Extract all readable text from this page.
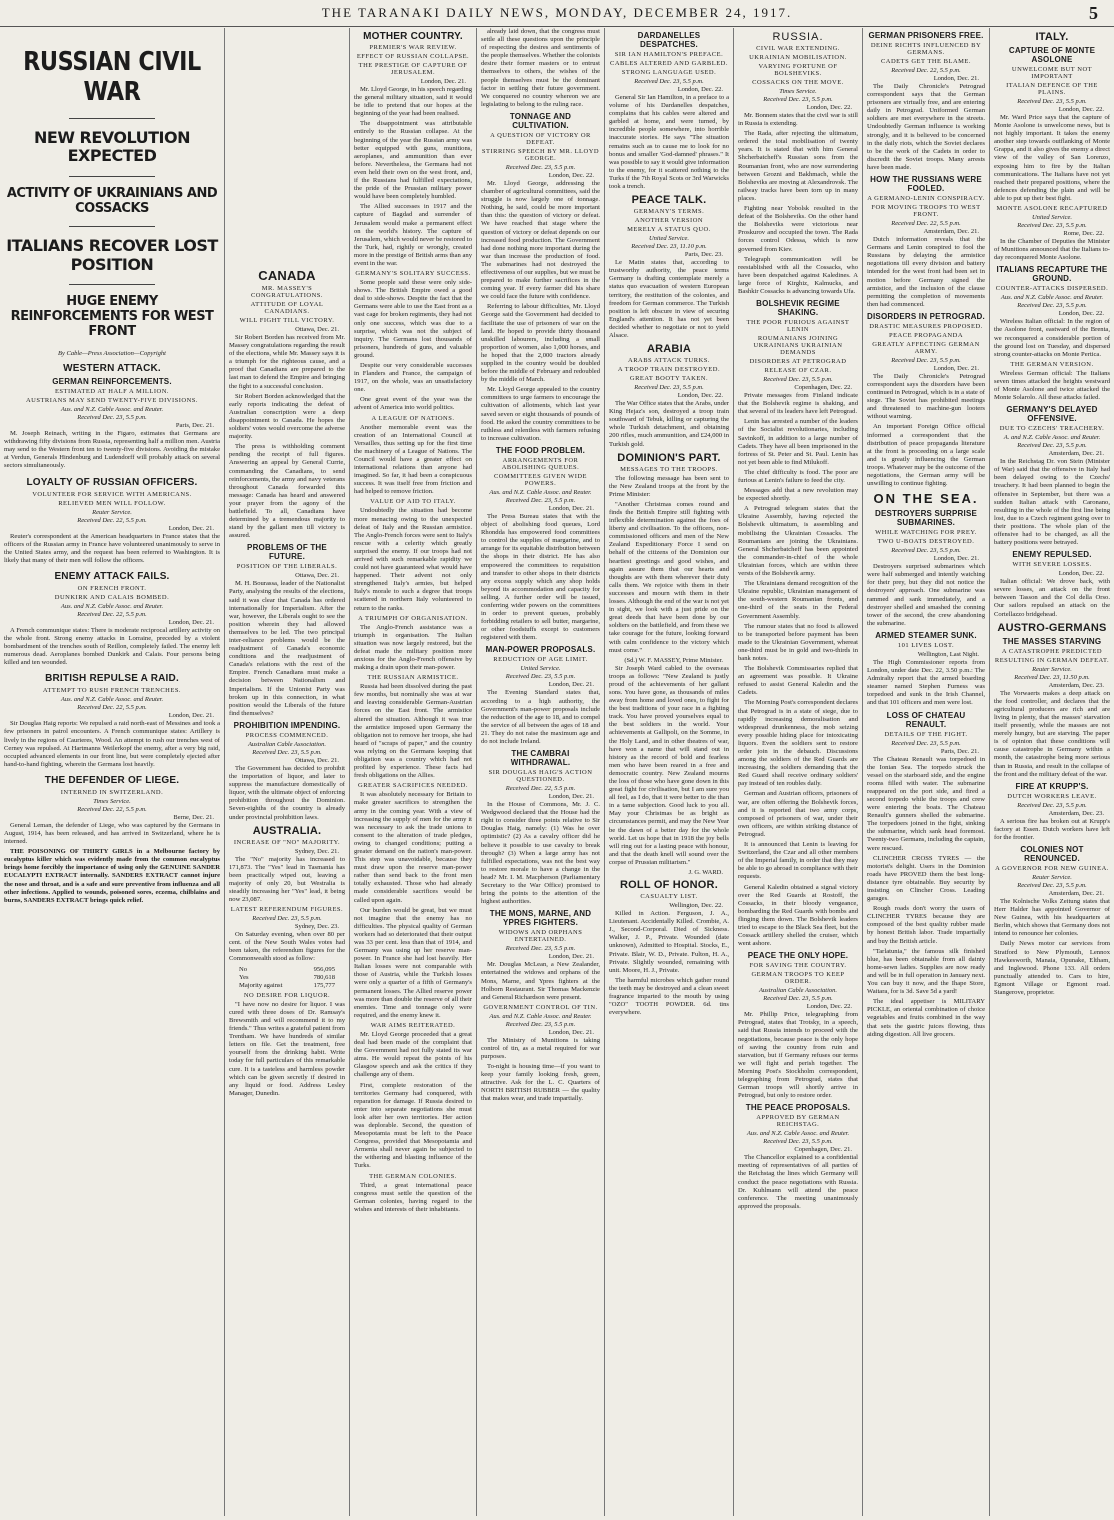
THE TARANAKI DAILY NEWS, MONDAY, DECEMBER 24, 1917.	5
RUSSIAN CIVIL WAR
NEW REVOLUTION EXPECTED
ACTIVITY OF UKRAINIANS AND COSSACKS
ITALIANS RECOVER LOST POSITION
HUGE ENEMY REINFORCEMENTS FOR WEST FRONT
By Cable—Press Association—Copyright
WESTERN ATTACK.
GERMAN REINFORCEMENTS.
ESTIMATED AT HALF A MILLION.
AUSTRIANS MAY SEND TWENTY-FIVE DIVISIONS.
Aus. and N.Z. Cable Assoc. and Reuter.
Received Dec. 23, 5.5 p.m.
Paris, Dec. 21.

M. Joseph Reinach, writing in the Figaro, estimates that Germans are withdrawing fifty divisions from Russia, representing half a million men. Austria may send to the Western front ten to twenty-five divisions. Avoiding the mistake at Verdun, Generals Hindenburg and Ludendorff will probably attack on several sectors simultaneously.

LOYALTY OF RUSSIAN OFFICERS.
VOLUNTEER FOR SERVICE WITH AMERICANS.
RELIEVED MEN WILL FOLLOW.
Reuter Service.
Received Dec. 22, 5.5 p.m.
London, Dec. 21.

Reuter's correspondent at the American headquarters in France states that the officers of the Russian army in France have volunteered unanimously to serve in the United States army, and the request has been referred to Washington. It is likely that many of their men will follow the officers.

ENEMY ATTACK FAILS.
ON FRENCH FRONT.
DUNKIRK AND CALAIS BOMBED.
Aus. and N.Z. Cable Assoc. and Reuter.
Received Dec. 22, 5.5 p.m.
London, Dec. 21.

A French communique states: There is moderate reciprocal artillery activity on the whole front. Strong enemy attacks in Lorraine, preceded by a violent bombardment of the trenches south of Reillon, completely failed. The enemy left numerous dead. Aeroplanes bombed Dunkirk and Calais. Four persons being killed and ten wounded.

BRITISH REPULSE A RAID.
ATTEMPT TO RUSH FRENCH TRENCHES.
Aus. and N.Z. Cable Assoc. and Reuter.
Received Dec. 22, 5.5 p.m.
London, Dec. 21.

Sir Douglas Haig reports: We repulsed a raid north-east of Messines and took a few prisoners in patrol encounters. A French communique states: Artillery is lively in the regions of Caurieres, Wood. An attempt to rush our trenches west of Cerney was repulsed. At Hartmanns Weilerkopf the enemy, after a very big raid, occupied advanced elements in our front line, but were completely ejected after hand-to-hand fighting, wherein the Germans lost heavily.

THE DEFENDER OF LIEGE.
INTERNED IN SWITZERLAND.
Times Service.
Received Dec. 22, 5.5 p.m.
Berne, Dec. 21.

General Leman, the defender of Liege, who was captured by the Germans in August, 1914, has been released, and has arrived in Switzerland, where he is interned.

THE POISONING OF THIRTY GIRLS in a Melbourne factory by eucalyptus killer which was evidently made from the common eucalyptus brings home forcibly the importance of using only the GENUINE SANDER EUCALYPTI EXTRACT internally. SANDERS EXTRACT cannot injure the nose and throat, and is a safe and sure preventive from influenza and all other infections. Applied to wounds, poisoned sores, eczema, chilblains and burns, SANDERS EXTRACT brings quick relief.

CANADA
MR. MASSEY'S CONGRATULATIONS.
ATTITUDE OF LOYAL CANADIANS.
WILL FIGHT TILL VICTORY.
Ottawa, Dec. 21.

Sir Robert Borden has received from Mr. Massey congratulations regarding the result of the elections, while Mr. Massey says it is a triumph for the righteous cause, and a proof that Canadians are prepared to the last man to defend the Empire and bringing the fight to a successful conclusion.

Sir Robert Borden acknowledged that the early reports indicating the defeat of Australian conscription were a deep disappointment to Canada. He hopes the soldiers' votes would overcome the adverse majority.

The press is withholding comment pending the receipt of full figures. Answering an appeal by General Currie, commanding the Canadians, to send reinforcements, the army and navy veterans throughout Canada forwarded this message: Canada has heard and answered your prayer from the agony of the battlefield. To all, Canadians have determined by a tremendous majority to stand by the gallant men till victory is assured.

PROBLEMS OF THE FUTURE.
POSITION OF THE LIBERALS.
Ottawa, Dec. 21.

M. H. Bourassa, leader of the Nationalist Party, analysing the results of the elections, said it was clear that Canada has ordered internationally for Imperialism. After the war, however, the Liberals ought to see the position wherein they had allowed themselves to be led. The two principal inter-reliance problems would be the readjustment of Canada's economic conditions and the readjustment of Canada's relations with the rest of the Empire. French Canadians must make a decision between Nationalism and Imperialism. If the Unionist Party was broken up in this connection, in what position would the Liberals of the future find themselves?

PROHIBITION IMPENDING.
PROCESS COMMENCED.
Australian Cable Association.
Received Dec. 23, 5.5 p.m.
Ottawa, Dec. 21.

The Government has decided to prohibit the importation of liquor, and later to suppress the manufacture domestically of liquor, with the ultimate object of enforcing prohibition throughout the Dominion. Seven-eighths of the country is already under provincial prohibition laws.

AUSTRALIA.
INCREASE OF "NO" MAJORITY.
Sydney, Dec. 21.

The "No" majority has increased to 171,873. The "Yes" lead in Tasmania has been practically wiped out, leaving a majority of only 20, but Westralia is steadily increasing her "Yes" lead, it being now 23,087.

LATEST REFERENDUM FIGURES.
Received Dec. 23, 5.5 p.m.
Sydney, Dec. 23.

On Saturday evening, when over 80 per cent. of the New South Wales votes had been taken, the referendum figures for the Commonwealth stood as follow:

No	956,095
Yes	780,618
Majority against	175,777
NO DESIRE FOR LIQUOR.

"I have now no desire for liquor. I was cured with three doses of Dr. Ramsay's Brewsmith and will recommend it to my friends." Thus writes a grateful patient from Trentham. We have hundreds of similar letters on file. Get the treatment, free yourself from the drinking habit. Write today for full particulars of this remarkable cure. It is a tasteless and harmless powder which can be given secretly if desired in any liquid or food. Address Lesley Manager, Dunedin.

MOTHER COUNTRY.
PREMIER'S WAR REVIEW.
EFFECT OF RUSSIAN COLLAPSE.
THE PRESTIGE OF CAPTURE OF JERUSALEM.
London, Dec. 21.

Mr. Lloyd George, in his speech regarding the general military situation, said it would be idle to pretend that our hopes at the beginning of the year had been realised.

The disappointment was attributable entirely to the Russian collapse. At the beginning of the year the Russian army was better equipped with guns, munitions, aeroplanes, and ammunition than ever before. Nevertheless, the Germans had not even held their own on the west front, and, if the Russians had fulfilled expectations, the pride of the Prussian military power would have been completely humbled.

The Allied successes in 1917 and the capture of Bagdad and surrender of Jerusalem would make a permanent effect on the world's history. The capture of Jerusalem, which would never be restored to the Turk, had, rightly or wrongly, created more in the prestige of British arms than any event in the war.

GERMANY'S SOLITARY SUCCESS.

Some people said these were only side-shows. The British Empire owed a good deal to side-shows. Despite the fact that the Germans were able to use the East front as a vast cage for broken regiments, they had not only one success, which was due to a surprise, which was not the subject of inquiry. The Germans lost thousands of prisoners, hundreds of guns, and valuable ground.

Despite our very considerable successes in Flanders and France, the campaign of 1917, on the whole, was an unsatisfactory one.

One great event of the year was the advent of America into world politics.

A LEAGUE OF NATIONS.

Another memorable event was the creation of an International Council at Versailles, thus setting up for the first time the machinery of a League of Nations. The Council would have a greater effect on international relations than anyone had imagined. So far, it had been a conspicuous success. It was itself free from friction and had helped to remove friction.

VALUE OF AID TO ITALY.

Undoubtedly the situation had become more menacing owing to the unexpected defeat of Italy and the Russian armistice. The Anglo-French forces were sent to Italy's rescue with a celerity which greatly surprised the enemy. If our troops had not arrived with such remarkable rapidity we could not have guaranteed what would have happened. Their advent not only strengthened Italy's armies, but helped Italy's morale to such a degree that troops scattered in northern Italy volunteered to return to the ranks.

A TRIUMPH OF ORGANISATION.

The Anglo-French assistance was a triumph in organisation. The Italian situation was now largely restored, but the defeat made the military position more anxious for the Anglo-French offensive by making a drain upon their man-power.

THE RUSSIAN ARMISTICE.

Russia had been dissolved during the past few months, but nominally she was at war and leaving considerable German-Austrian forces on the East front. The armistice altered the situation. Although it was true the armistice imposed upon Germany the obligation not to remove her troops, she had heard of "scraps of paper," and the country was relying on the Germans keeping that obligation was a country which had not profited by experience. These facts had fresh obligations on the Allies.

GREATER SACRIFICES NEEDED.

It was absolutely necessary for Britain to make greater sacrifices to strengthen the army in the coming year. With a view of increasing the supply of men for the army it was necessary to ask the trade unions to consent to the alteration of trade pledges, owing to changed conditions; putting a greater demand on the nation's man-power. This step was unavoidable, because they must draw upon the reserve man-power rather than send back to the front men totally exhausted. Those who had already made considerable sacrifices would be called upon again.

Our burden would be great, but we must not imagine that the enemy has no difficulties. The physical quality of German workers had so deteriorated that their output was 33 per cent. less than that of 1914, and Germany was using up her reserve man-power. In France she had lost heavily. Her Italian losses were not comparable with those of Austria, while the Turkish losses were only a quarter of a fifth of Germany's permanent losses. The Allied reserve power was more than double the reserve of all their enemies. Time and tonnage only were required, and the enemy knew it.

WAR AIMS REITERATED.

Mr. Lloyd George proceeded that a great deal had been made of the complaint that the Government had not fully stated its war aims. He would repeat the points of his Glasgow speech and ask the critics if they challenge any of them.

First, complete restoration of the territories Germany had conquered, with reparation for damage. If Russia desired to enter into separate negotiations she must look after her own territories. Her action was deplorable. Second, the question of Mesopotamia must be left to the Peace Congress, provided that Mesopotamia and Armenia shall never again be subjected to the withering and blasting influence of the Turks.

THE GERMAN COLONIES.

Third, a great international peace congress must settle the question of the German colonies, having regard to the wishes and interests of their inhabitants.

already laid down, that the congress must settle all these questions upon the principle of respecting the desires and sentiments of the people themselves. Whether the colonists desire their former masters or to entrust themselves to others, the wishes of the people themselves must be the dominant factor in settling their future government. We conquered no country whereon we are legislating to belong to the ruling race.

TONNAGE AND CULTIVATION.
A QUESTION OF VICTORY OR DEFEAT.
STIRRING SPEECH BY MR. LLOYD GEORGE.
Received Dec. 23, 5.5 p.m.
London, Dec. 22.

Mr. Lloyd George, addressing the chamber of agricultural committees, said the struggle is now largely one of tonnage. Nothing, he said, could be more important than this: the question of victory or defeat. We have reached that stage where the question of victory or defeat depends on our increased food production. The Government had done nothing more important during the war than increase the production of food. The submarines had not destroyed the effectiveness of our supplies, but we must be prepared to make further sacrifices in the coming year. If every farmer did his share we could face the future with confidence.

Referring to labour difficulties, Mr. Lloyd George said the Government had decided to facilitate the use of prisoners of war on the land. He hoped to provide thirty thousand unskilled labourers, including a small proportion of women, also 1,000 horses, and he hoped that the 2,000 tractors already supplied in the country would be doubled before the middle of February and redoubled by the middle of March.

Mr. Lloyd George appealed to the country committees to urge farmers to encourage the cultivation of allotments, which last year saved seven or eight thousands of pounds of food. He asked the country committees to be ruthless and relentless with farmers refusing to increase cultivation.

THE FOOD PROBLEM.
ARRANGEMENTS FOR ABOLISHING QUEUES.
COMMITTEES GIVEN WIDE POWERS.
Aus. and N.Z. Cable Assoc. and Reuter.
Received Dec. 23, 5.5 p.m.
London, Dec. 21.

The Press Bureau states that with the object of abolishing food queues, Lord Rhondda has empowered food committees to control the supplies of margarine, and to arrange for its equitable distribution between the shops in their district. He has also empowered the committees to requisition and transfer to other shops in their districts any excess supply which any shop holds beyond its accommodation and capacity for selling. A further order will be issued, conferring wider powers on the committees in order to prevent queues, probably forbidding retailers to sell butter, margarine, or other foodstuffs except to customers registered with them.

MAN-POWER PROPOSALS.
REDUCTION OF AGE LIMIT.
United Service.
Received Dec. 23, 5.5 p.m.
London, Dec. 21.

The Evening Standard states that, according to a high authority, the Government's man-power proposals include the reduction of the age to 18, and to compel the service of all between the ages of 18 and 21. They do not raise the maximum age and do not include Ireland.

THE CAMBRAI WITHDRAWAL.
SIR DOUGLAS HAIG'S ACTION QUESTIONED.
Received Dec. 22, 5.5 p.m.
London, Dec. 21.

In the House of Commons, Mr. J. C. Wedgwood declared that the House had the right to consider three points relative to Sir Douglas Haig, namely: (1) Was he over optimistic? (2) As a cavalry officer did he believe it possible to use cavalry to break through? (3) When a large army has not fulfilled expectations, was not the best way to restore morale to have a change in the head? Mr. I. M. Macpherson (Parliamentary Secretary to the War Office) promised to bring the points to the attention of the highest authorities.

THE MONS, MARNE, AND YPRES FIGHTERS.
WIDOWS AND ORPHANS ENTERTAINED.
Received Dec. 23, 5.5 p.m.
London, Dec. 21.

Mr. Douglas McLean, a New Zealander, entertained the widows and orphans of the Mons, Marne, and Ypres fighters at the Holborn Restaurant. Sir Thomas Mackenzie and General Richardson were present.

GOVERNMENT CONTROL OF TIN.
Aus. and N.Z. Cable Assoc. and Reuter.
Received Dec. 23, 5.5 p.m.
London, Dec. 21.

The Ministry of Munitions is taking control of tin, as a metal required for war purposes.

To-night is housing time—if you want to keep your family looking fresh, green, attractive. Ask for the L. C. Quarters of NORTH BRITISH RUBBER — the quality that makes wear, and trade impartially.

DARDANELLES DESPATCHES.
SIR IAN HAMILTON'S PREFACE.
CABLES ALTERED AND GARBLED.
STRONG LANGUAGE USED.
Received Dec. 23, 5.5 p.m.
London, Dec. 22.

General Sir Ian Hamilton, in a preface to a volume of his Dardanelles despatches, complains that his cables were altered and garbled at home, and were turned, by incredible people somewhere, into horrible inaccurate stories. He says "The situation remains such as to cause me to look for no bonus and smaller 'God-damned' phrases." It was possible to say it would give information to the enemy, for it scattered nothing to the Turks if the 7th Royal Scots or 3rd Warwicks took a trench.

PEACE TALK.
GERMANY'S TERMS.
ANOTHER VERSION
MERELY A STATUS QUO.
United Service.
Received Dec. 23, 11.10 p.m.
Paris, Dec. 23.

Le Matin states that, according to trustworthy authority, the peace terms Germany is drafting contemplate merely a status quo evacuation of western European territory, the restitution of the colonies, and freedom for German commerce. The Turkish position is left obscure in view of securing England's attention. It has not yet been decided whether to negotiate or not to yield Alsace.

ARABIA
ARABS ATTACK TURKS.
A TROOP TRAIN DESTROYED.
GREAT BOOTY TAKEN.
Received Dec. 23, 5.5 p.m.
London, Dec. 22.

The War Office states that the Arabs, under King Hejaz's son, destroyed a troop train southward of Tebuk, killing or capturing the whole Turkish detachment, and obtaining 200 rifles, much ammunition, and £24,000 in Turkish gold.

DOMINION'S PART.
MESSAGES TO THE TROOPS.

The following message has been sent to the New Zealand troops at the front by the Prime Minister:

"Another Christmas comes round and finds the British Empire still fighting with inflexible determination against the foes of liberty and civilisation. To the officers, non-commissioned officers and men of the New Zealand Expeditionary Force I send on behalf of the citizens of the Dominion our heartiest greetings and good wishes, and again assure them that our hearts and thoughts are with them wherever their duty calls them. We rejoice with them in their successes and mourn with them in their losses. Although the end of the war is not yet in sight, we look with a just pride on the great deeds that have been done by our soldiers on the battlefield, and from these we take courage for the future, looking forward with calm confidence to the victory which must come."

(Sd.) W. F. MASSEY, Prime Minister.

Sir Joseph Ward cabled to the overseas troops as follows: "New Zealand is justly proud of the achievements of her gallant sons. You have gone, as thousands of miles away from home and loved ones, to fight for the best traditions of your race in a fighting track. You have proved yourselves equal to the best soldiers in the world. Your achievements at Gallipoli, on the Somme, in the Holy Land, and in other theatres of war, have won a name that will stand out in history as the record of bold and fearless men who have been reared in a free and democratic country. New Zealand mourns the loss of those who have gone down in this great fight for civilisation, but I am sure you all feel, as I do, that it were better to die than in a tame subjection. Good luck to you all. May your Christmas be as bright as circumstances permit, and may the New Year be the dawn of a better day for the whole world. Let us hope that in 1918 the joy bells will ring out for a lasting peace with honour, and that the death knell will sound over the corpse of Prussian militarism."

J. G. WARD.
ROLL OF HONOR.
CASUALTY LIST.
Wellington, Dec. 22.

Killed in Action. Ferguson, J. A., Lieutenant. Accidentally Killed. Crombie, A. J., Second-Corporal. Died of Sickness. Walker, J. P., Private. Wounded (date unknown), Admitted to Hospital. Stocks, E., Private. Blair, W. D., Private. Fulton, H. A., Private. Slightly wounded, remaining with unit. Moore, H. J., Private.

The harmful microbes which gather round the teeth may be destroyed and a clean sweet fragrance imparted to the mouth by using "OZO" TOOTH POWDER. 6d. tins everywhere.

RUSSIA.
CIVIL WAR EXTENDING.
UKRAINIAN MOBILISATION.
VARYING FORTUNE OF BOLSHEVIKS.
COSSACKS ON THE MOVE.
Times Service.
Received Dec. 23, 5.5 p.m.
London, Dec. 22.

Mr. Bonnem states that the civil war is still in Russia is extending.

The Rada, after rejecting the ultimatum, ordered the total mobilisation of twenty years. It is stated that with him General Shcherbatcheff's Russian sons from the Roumanian front, who are now surrendering between Grozni and Bakhmach, while the Bolsheviks are moving at Alexandrovsk. The railway tracks have been torn up in many places.

Fighting near Yobolsk resulted in the defeat of the Bolsheviks. On the other hand the Bolsheviks were victorious near Proskurov and occupied the town. The Rada forces control Odessa, which is now governed from Kiev.

Telegraph communication will be reestablished with all the Cossacks, who have been despatched against Kaledines. A large force of Kirghiz, Kalmucks, and Bashkir Cossacks is advancing towards Ufa.

BOLSHEVIK REGIME SHAKING.
THE POOR FURIOUS AGAINST LENIN
ROUMANIANS JOINING UKRAINIANS UKRAINIAN DEMANDS
DISORDERS AT PETROGRAD
RELEASE OF CZAR.
Received Dec. 23, 5.5 p.m.
Copenhagen, Dec. 22.

Private messages from Finland indicate that the Bolshevik regime is shaking, and that several of its leaders have left Petrograd.

Lenin has arrested a number of the leaders of the Socialist revolutionaries, including Savinkoff, in addition to a large number of Cadets. They have all been imprisoned in the fortress of St. Peter and St. Paul. Lenin has not yet been able to find Milukoff.

The chief difficulty is food. The poor are furious at Lenin's failure to feed the city.

Messages add that a new revolution may be expected shortly.

A Petrograd telegram states that the Ukraine Assembly, having rejected the Bolshevik ultimatum, is assembling and mobilising the Ukrainian Cossacks. The Roumanians are joining the Ukrainians. General Shcherbatcheff has been appointed the commander-in-chief of the whole Ukrainian forces, which are within three versts of the Bolshevik army.

The Ukrainians demand recognition of the Ukraine republic, Ukrainian management of the south-western Roumanian fronts, and one-third of the seats in the Federal Government Assembly.

The rumour states that no food is allowed to be transported before payment has been made to the Ukrainian Government, whereat one-third must be in gold and two-thirds in bank notes.

The Bolshevik Commissaries replied that an agreement was possible. It Ukraine refused to assist General Kaledin and the Cadets.

The Morning Post's correspondent declares that Petrograd is in a state of siege, due to rapidly increasing demoralisation and widespread drunkenness, the mob seizing every possible hiding place for intoxicating liquors. Even the soldiers sent to restore order join in the debauch. Discussions among the soldiers of the Red Guards are increasing, the soldiers demanding that the Red Guard shall receive ordinary soldiers' pay instead of ten roubles daily.

German and Austrian officers, prisoners of war, are often offering the Bolshevik forces, and it is reported that two army corps, composed of prisoners of war, under their own officers, are within striking distance of Petrograd.

It is announced that Lenin is leaving for Switzerland, the Czar and all other members of the Imperial family, in order that they may be able to go abroad in compliance with their requests.

General Kaledin obtained a signal victory over the Red Guards at Rostoff, the Cossacks, in their bloody vengeance, bombarding the Red Guards with bombs and flinging them down. The Bolshevik leaders tried to escape to the Black Sea fleet, but the Cossack artillery shelled the cruiser, which went ashore.

PEACE THE ONLY HOPE.
FOR SAVING THE COUNTRY.
GERMAN TROOPS TO KEEP ORDER.
Australian Cable Association.
Received Dec. 23, 5.5 p.m.
London, Dec. 22.

Mr. Phillip Price, telegraphing from Petrograd, states that Trotsky, in a speech, said that Russia intends to proceed with the negotiations, because peace is the only hope of saving the country from ruin and starvation, but if Germany refuses our terms we will fight and perish together. The Morning Post's Stockholm correspondent, telegraphing from Petrograd, states that German troops will shortly arrive in Petrograd, but only to restore order.

THE PEACE PROPOSALS.
APPROVED BY GERMAN REICHSTAG.
Aus. and N.Z. Cable Assoc. and Reuter.
Received Dec. 23, 5.5 p.m.
Copenhagen, Dec. 21.

The Chancellor explained to a confidential meeting of representatives of all parties of the Reichstag the lines which Germany will conduct the peace negotiations with Russia. Dr. Kuhlmann will attend the peace conference. The meeting unanimously approved the proposals.

GERMAN PRISONERS FREE.
DEINE RICHTS INFLUENCED BY GERMANS.
CADETS GET THE BLAME.
Received Dec. 22, 5.5 p.m.
London, Dec. 21.

The Daily Chronicle's Petrograd correspondent says that the German prisoners are virtually free, and are entering daily in Petrograd. Uniformed German soldiers are met everywhere in the streets. Undoubtedly German influence is working strongly, and it is believed to be concerned in the daily riots, which the Soviet declares to be the work of the Cadets in order to discredit the Soviet troops. Many arrests have been made.

HOW THE RUSSIANS WERE FOOLED.
A GERMANO-LENIN CONSPIRACY.
FOR MOVING TROOPS TO WEST FRONT.
Received Dec. 22, 5.5 p.m.
Amsterdam, Dec. 21.

Dutch information reveals that the Germans and Lenin conspired to fool the Russians by delaying the armistice negotiations till every division and battery intended for the west front had been set in motion before Germany signed the armistice, and the inclusion of the clause permitting the completion of movements then had commenced.

DISORDERS IN PETROGRAD.
DRASTIC MEASURES PROPOSED.
PEACE PROPAGANDA
GREATLY AFFECTING GERMAN ARMY.
Received Dec. 23, 5.5 p.m.
London, Dec. 21.

The Daily Chronicle's Petrograd correspondent says the disorders have been continued in Petrograd, which is in a state of siege. The Soviet has prohibited meetings and threatened to machine-gun looters without warning.

An important Foreign Office official informed a correspondent that the distribution of peace propaganda literature at the front is proceeding on a large scale and is greatly influencing the German troops. Whatever may be the outcome of the negotiations, the German army will be unwilling to continue fighting.

ON THE SEA.
DESTROYERS SURPRISE SUBMARINES.
WHILE WATCHING FOR PREY.
TWO U-BOATS DESTROYED.
Received Dec. 23, 5.5 p.m.
London, Dec. 21.

Destroyers surprised submarines which were half submerged and intently watching for their prey, but they did not notice the destroyers' approach. One submarine was rammed and sank immediately, and a destroyer shelled and smashed the conning tower of the second, the crew abandoning the submarine.

ARMED STEAMER SUNK.
101 LIVES LOST.
Wellington, Last Night.

The High Commissioner reports from London, under date Dec. 22, 3.50 p.m.: The Admiralty report that the armed boarding steamer named Stephen Furness was torpedoed and sunk in the Irish Channel, and that 101 officers and men were lost.

LOSS OF CHATEAU RENAULT.
DETAILS OF THE FIGHT.
Received Dec. 23, 5.5 p.m.
Paris, Dec. 21.

The Chateau Renault was torpedoed in the Ionian Sea. The torpedo struck the vessel on the starboard side, and the engine rooms filled with water. The submarine reappeared on the port side, and fired a second torpedo while the troops and crew were entering the boats. The Chateau Renault's gunners shelled the submarine. The torpedoers joined in the fight, sinking the submarine, which sank head foremost. Twenty-two Germans, including the captain, were rescued.

CLINCHER CROSS TYRES — the motorist's delight. Users in the Dominion roads have PROVED them the best long-distance tyre obtainable. Buy security by insisting on Clincher Cross. Leading garages.

Rough roads don't worry the users of CLINCHER TYRES because they are composed of the best quality rubber made by honest British labor. Trade impartially and buy the British article.

"Tarlatunia," the famous silk finished blue, has been obtainable from all dainty home-sewn ladies. Supplies are now ready and will be in full operation in January next. You can buy it now, and the Ihape Store, Waitara, for is 3d. Save 5d a yard!

The ideal appetiser is MILITARY PICKLE, an oriental combination of choice vegetables and fruits combined in the way that sets the gastric juices flowing, thus aiding digestion. All live grocers.

ITALY.
CAPTURE OF MONTE ASOLONE
UNWELCOME BUT NOT IMPORTANT
ITALIAN DEFENCE OF THE PLAINS.
Received Dec. 23, 5.5 p.m.
London, Dec. 22.

Mr. Ward Price says that the capture of Monte Asolone is unwelcome news, but is not highly important. It takes the enemy another step towards outflanking of Monte Grappa, and it also gives the enemy a direct view of the valley of San Lorenzo, exposing him to fire by the Italian communications. The Italians have not yet reached their prepared positions, where the defences defending the plain and will be able to put up their best fight.

MONTE ASOLONE RECAPTURED
United Service.
Received Dec. 23, 5.5 p.m.
Rome, Dec. 22.

In the Chamber of Deputies the Minister of Munitions announced that the Italians to-day reconquered Monte Asolone.

ITALIANS RECAPTURE THE GROUND.
COUNTER-ATTACKS DISPERSED.
Aus. and N.Z. Cable Assoc. and Reuter.
Received Dec. 23, 5.5 p.m.
London, Dec. 22.

Wireless Italian official: In the region of the Asolone front, eastward of the Brenta, we reconquered a considerable portion of the ground lost on Tuesday, and dispersed strong counter-attacks on Monte Pertica.

THE GERMAN VERSION.

Wireless German official: The Italians seven times attacked the heights westward of Monte Asolone and twice attacked the Monte Solarolo. All these attacks failed.

GERMANY'S DELAYED OFFENSIVE.
DUE TO CZECHS' TREACHERY.
A. and N.Z. Cable Assoc. and Reuter.
Received Dec. 23, 5.5 p.m.
Amsterdam, Dec. 21.

In the Reichstag Dr. von Stein (Minister of War) said that the offensive in Italy had been delayed owing to the Czechs' treachery. It had been planned to begin the offensive in September, but there was a sudden Italian attack with Caronano, resulting in the whole of the first line being lost, due to a Czech regiment going over to their positions. The whole plan of the offensive had to be changed, as all the battery positions were betrayed.

ENEMY REPULSED.
WITH SEVERE LOSSES.
London, Dec. 22.

Italian official: We drove back, with severe losses, an attack on the front between Tasson and the Col della Orso. Our sailors repulsed an attack on the Cortellazzo bridgehead.

AUSTRO-GERMANS
THE MASSES STARVING
A CATASTROPHE PREDICTED
RESULTING IN GERMAN DEFEAT.
Reuter Service.
Received Dec. 23, 11.50 p.m.
Amsterdam, Dec. 23.

The Vorwaerts makes a deep attack on the food controller, and declares that the agricultural producers are rich and are living in plenty, that the masses' starvation itself presently, while the masses are not merely hungry, but are starving. The paper is of opinion that these conditions will cause catastrophe in Germany within a month, the catastrophe being more serious than in Russia, and result in the collapse of the front and the military defeat of the war.

FIRE AT KRUPP'S.
DUTCH WORKERS LEAVE.
Received Dec. 23, 5.5 p.m.
Amsterdam, Dec. 23.

A serious fire has broken out at Krupp's factory at Essen. Dutch workers have left for the frontier.

COLONIES NOT RENOUNCED.
A GOVERNOR FOR NEW GUINEA.
Reuter Service.
Received Dec. 23, 5.5 p.m.
Amsterdam, Dec. 21.

The Kolnische Volks Zeitung states that Herr Halder has appointed Governor of New Guinea, with his headquarters at Berlin, which shows that Germany does not intend to renounce her colonies.

Daily News motor car services from Stratford to New Plymouth, Lennox Hawkesworth, Manaia, Opunake, Eltham, and Inglewood. Phone 133. All orders punctually attended to. Cars to hire, Egmont Village or Egmont road. Stangerove, proprietor.
